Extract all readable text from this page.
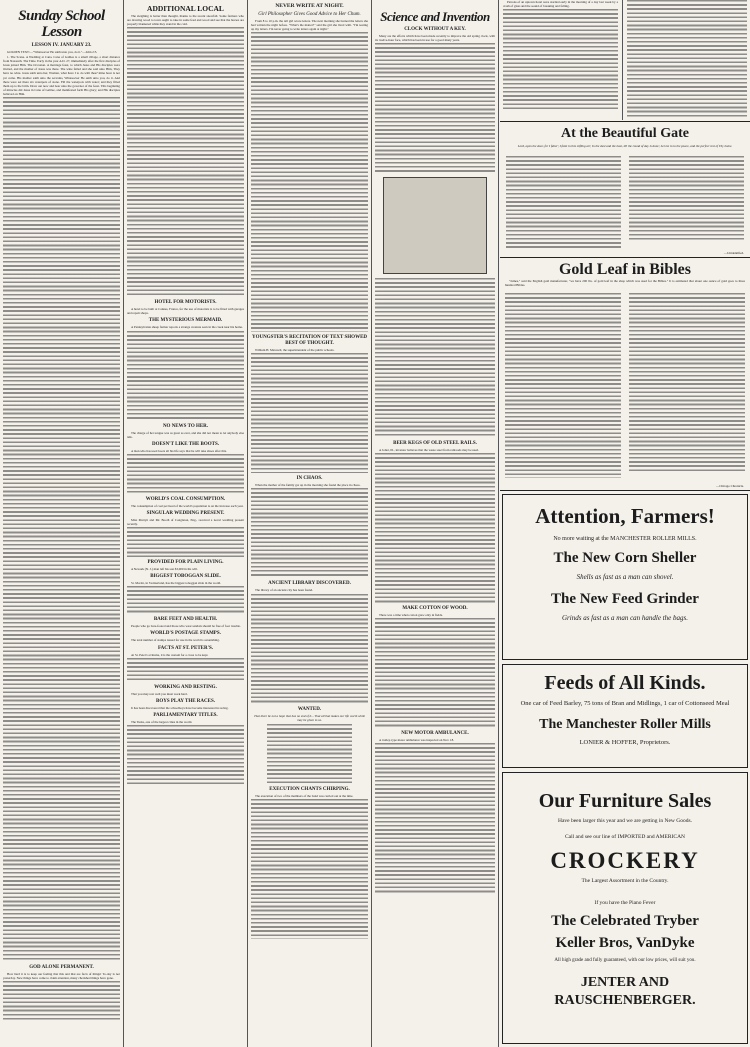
Sunday School Lesson
LESSON IV. JANUARY 23.
GOLDEN TEXT:—"Whatsoever He saith unto you, do it."—John 2:5.
1. The Scene. A Wedding at Cana. Cana of Galilee is a small village, a short distance from Nazareth. The Time. Early in the year A.D. 27, immediately after the first disciples of Jesus joined Him. The Occasion. A marriage feast, to which Jesus and His disciples were invited, and the mother of Jesus was there. The wine failed and she said unto Him, They have no wine. Jesus saith unto her, Woman, what have I to do with thee? mine hour is not yet come. His mother saith unto the servants, Whatsoever He saith unto you, do it. And there were set there six waterpots of stone. Fill the waterpots with water; and they filled them up to the brim. Draw out now and bear unto the governor of the feast. This beginning of miracles did Jesus in Cana of Galilee, and manifested forth His glory; and His disciples believed on Him.
GOD ALONE PERMANENT.
How hard it is to keep our feeling that this and that are facts of things! To-day is not yesterday. New things have come to claim attention, many cherished things have gone.
ADDITIONAL LOCAL
The sleighing is better than thought, thanks to the recent snowfall. Some farmers who are drawing wood to town ought to take in some feed and wood and see that the horses are properly blanketed while they stand in the cold.
HOTEL FOR MOTORISTS.
A hotel to be built at Cannes, France, for the use of motorists is to be fitted with garages and repair shops.
THE MYSTERIOUS MERMAID.
A Pennsylvania sheep farmer reports a strange creature seen in the creek near his home.
NO NEWS TO HER.
The charge of her tongue was as great as ever, and she did not mean to let anybody else talk.
DOESN'T LIKE THE BOOTS.
A man who has used boots all his life says that he will take shoes after this.
WORLD'S COAL CONSUMPTION.
The consumption of coal per head of the world's population is on the increase each year.
SINGULAR WEDDING PRESENT.
Miss Martyn and Mr. Booth of Congleton, Eng., received a novel wedding present recently.
PROVIDED FOR PLAIN LIVING.
A Newark (N. J.) man left his son $3,000 in his will.
BIGGEST TOBOGGAN SLIDE.
St. Moritz, in Switzerland, has the biggest toboggan slide in the world.
BARE FEET AND HEALTH.
People who go bare-footed and those who wear sandals should be free of foot trouble.
WORLD'S POSTAGE STAMPS.
The total number of stamps issued for use in the world is astonishing.
FACTS AT ST. PETER'S.
At St. Peter's at Rome, it is the custom for a cross to be kept.
WORKING AND RESTING.
That you may rest well you must work hard.
BOYS PLAY THE RACES.
It has been discovered that the schoolboys have become interested in racing.
PARLIAMENTARY TITLES.
The Turks, one of the largest cities in the world.
NEVER WRITE AT NIGHT.
Girl Philosopher Gives Good Advice to Her Chum.
From 8 to 10 p.m. the tall girl wrote letters. The next morning she burned the letters she had written the night before. "What's the matter?" said the girl she lived with. "I'm tearing up my letters. I'm never going to write letters again at night."
YOUNGSTER'S RECITATION OF TEXT SHOWED BEST OF THOUGHT.
William H. Maxwell, the superintendent of the public schools.
IN CHAOS.
When the mother of the family got up in the morning she found the place in chaos.
ANCIENT LIBRARY DISCOVERED.
The library of an ancient city has been found.
WANTED.
That there be not a hope that has no end of it... That all that makes our life worth while may be given to us.
EXECUTION CHANTS CHIRPING.
The execution of two of the members of the band was carried out at the time.
Science and Invention
CLOCK WITHOUT A KEY.
Many are the efforts which have been made recently to improve the old spring clock, with its twelve-hour face, which has been in use for a good many years.
BEER KEGS OF OLD STEEL RAILS.
A Joliet, Ill., inventor believes that the waste steel from railroads may be used.
MAKE COTTON OF WOOD.
There was a time when cotton grew only in fields.
NEW MOTOR AMBULANCE.
A trolley-type motor ambulance was inspected on Nov. 18.
Patrons of an uptown hotel were startled early in the morning of a day last week by a crash of glass and the sound of breaking and falling.
At the Beautiful Gate
Lord, open the door, for I falter; I faint in this stifling air; In the dust and the heat, till the round of day is done; Let me in to the peace, and the perfect rest of Thy home.
—Unidentified.
Gold Leaf in Bibles
"James," said the English gold manufacturer, "we have 200 lbs. of gold leaf in the shop which was used for the Bibles." It is estimated that about one ounce of gold goes to three hundred Bibles.
—Chicago Chronicle.
Attention, Farmers!
No more waiting at the MANCHESTER ROLLER MILLS.
The New Corn Sheller
Shells as fast as a man can shovel.
The New Feed Grinder
Grinds as fast as a man can handle the bags.
Feeds of All Kinds.
One car of Feed Barley, 75 tons of Bran and Midlings, 1 car of Cottonseed Meal
The Manchester Roller Mills
LONIER & HOFFER, Proprietors.
Our Furniture Sales
Have been larger this year and we are getting in New Goods.
Call and see our line of IMPORTED and AMERICAN
CROCKERY
The Largest Assortment in the Country.
If you have the Piano Fever
The Celebrated Tryber
Keller Bros, VanDyke
All high grade and fully guaranteed, with our low prices, will suit you.
JENTER AND
RAUSCHENBERGER.
